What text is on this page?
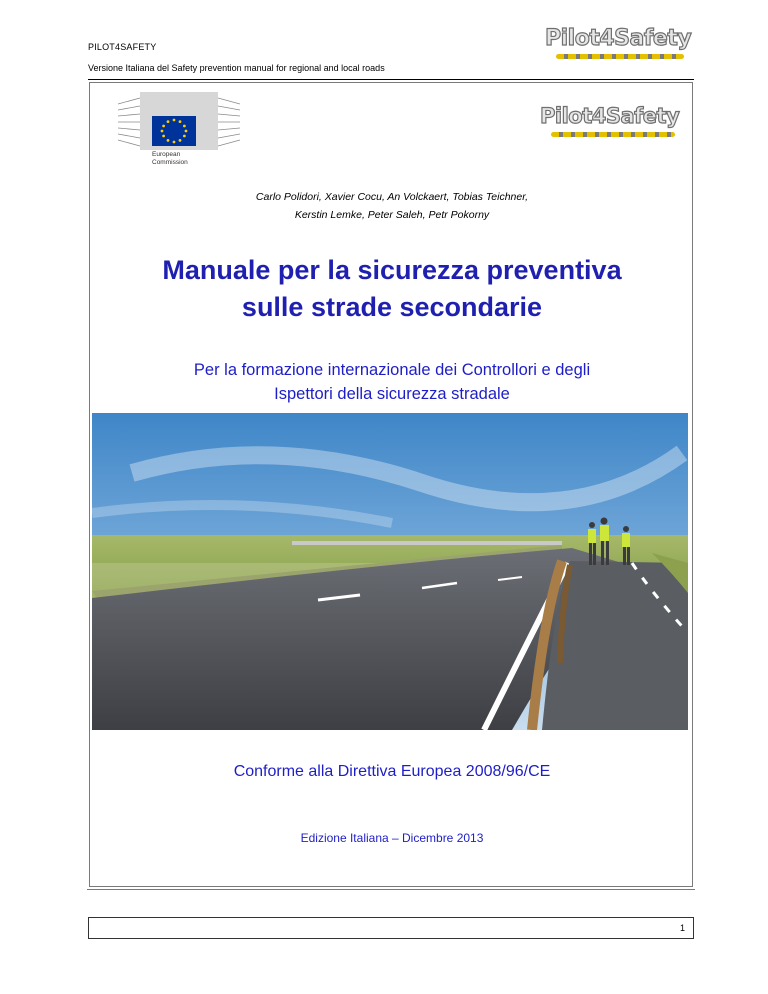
PILOT4SAFETY
Versione Italiana del Safety prevention manual for regional and local roads
Pilot4Safety
European
Commission
Pilot4Safety
Carlo Polidori, Xavier Cocu, An Volckaert, Tobias Teichner,
Kerstin Lemke, Peter Saleh, Petr Pokorny
Manuale per la sicurezza preventiva
sulle strade secondarie
Per la formazione internazionale dei Controllori e degli
Ispettori della sicurezza stradale
Conforme alla Direttiva Europea 2008/96/CE
Edizione Italiana – Dicembre 2013
1
